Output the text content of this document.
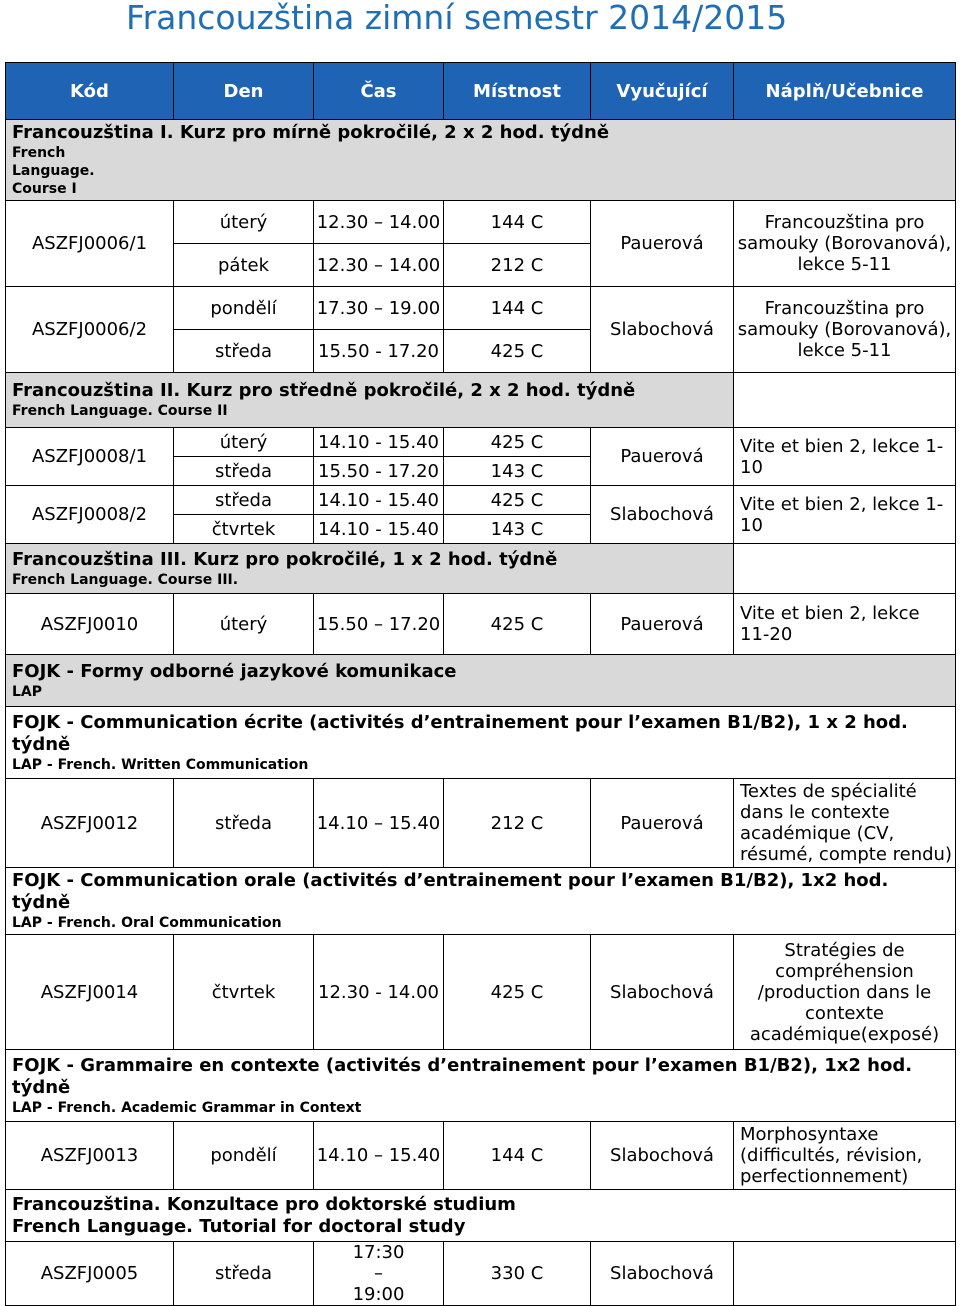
Francouzština zimní semestr 2014/2015
Kód	Den	Čas	Místnost	Vyučující	Náplň/Učebnice

Francouzština I. Kurz pro mírně pokročilé, 2 x 2 hod. týdně
French Language. Course I					

ASZFJ0006/1	úterý	12.30 – 14.00	144 C	Pauerová	Francouzština pro samouky (Borovanová), lekce 5-11
	pátek	12.30 – 14.00	212 C		
ASZFJ0006/2	pondělí	17.30 – 19.00	144 C	Slabochová	Francouzština pro samouky (Borovanová), lekce 5-11
	středa	15.50 - 17.20	425 C		

Francouzština II. Kurz pro středně pokročilé, 2 x 2 hod. týdně
French Language. Course II					

ASZFJ0008/1	úterý	14.10 - 15.40	425 C	Pauerová	Vite et bien 2, lekce 1-10
	středa	15.50 - 17.20	143 C		
ASZFJ0008/2	středa	14.10 - 15.40	425 C	Slabochová	Vite et bien 2, lekce 1-10
	čtvrtek	14.10 - 15.40	143 C		

Francouzština III. Kurz pro pokročilé, 1 x 2 hod. týdně
French Language. Course III.					

ASZFJ0010	úterý	15.50 – 17.20	425 C	Pauerová	Vite et bien 2, lekce 11-20

FOJK - Formy odborné jazykové komunikace
LAP					

FOJK - Communication écrite (activités d’entrainement pour l’examen B1/B2), 1 x 2 hod. týdně
LAP - French. Written Communication					

ASZFJ0012	středa	14.10 – 15.40	212 C	Pauerová	Textes de spécialité dans le contexte académique (CV, résumé, compte rendu)

FOJK - Communication orale (activités d’entrainement pour l’examen B1/B2), 1x2 hod. týdně
LAP - French. Oral Communication					

ASZFJ0014	čtvrtek	12.30 - 14.00	425 C	Slabochová	Stratégies de compréhension /production dans le contexte académique(exposé)

FOJK - Grammaire en contexte (activités d’entrainement pour l’examen B1/B2), 1x2 hod. týdně
LAP - French. Academic Grammar in Context					

ASZFJ0013	pondělí	14.10 – 15.40	144 C	Slabochová	Morphosyntaxe (difficultés, révision, perfectionnement)

Francouzština. Konzultace pro doktorské studium
French Language. Tutorial for doctoral study					

ASZFJ0005	středa	17:30 – 19:00	330 C	Slabochová	
